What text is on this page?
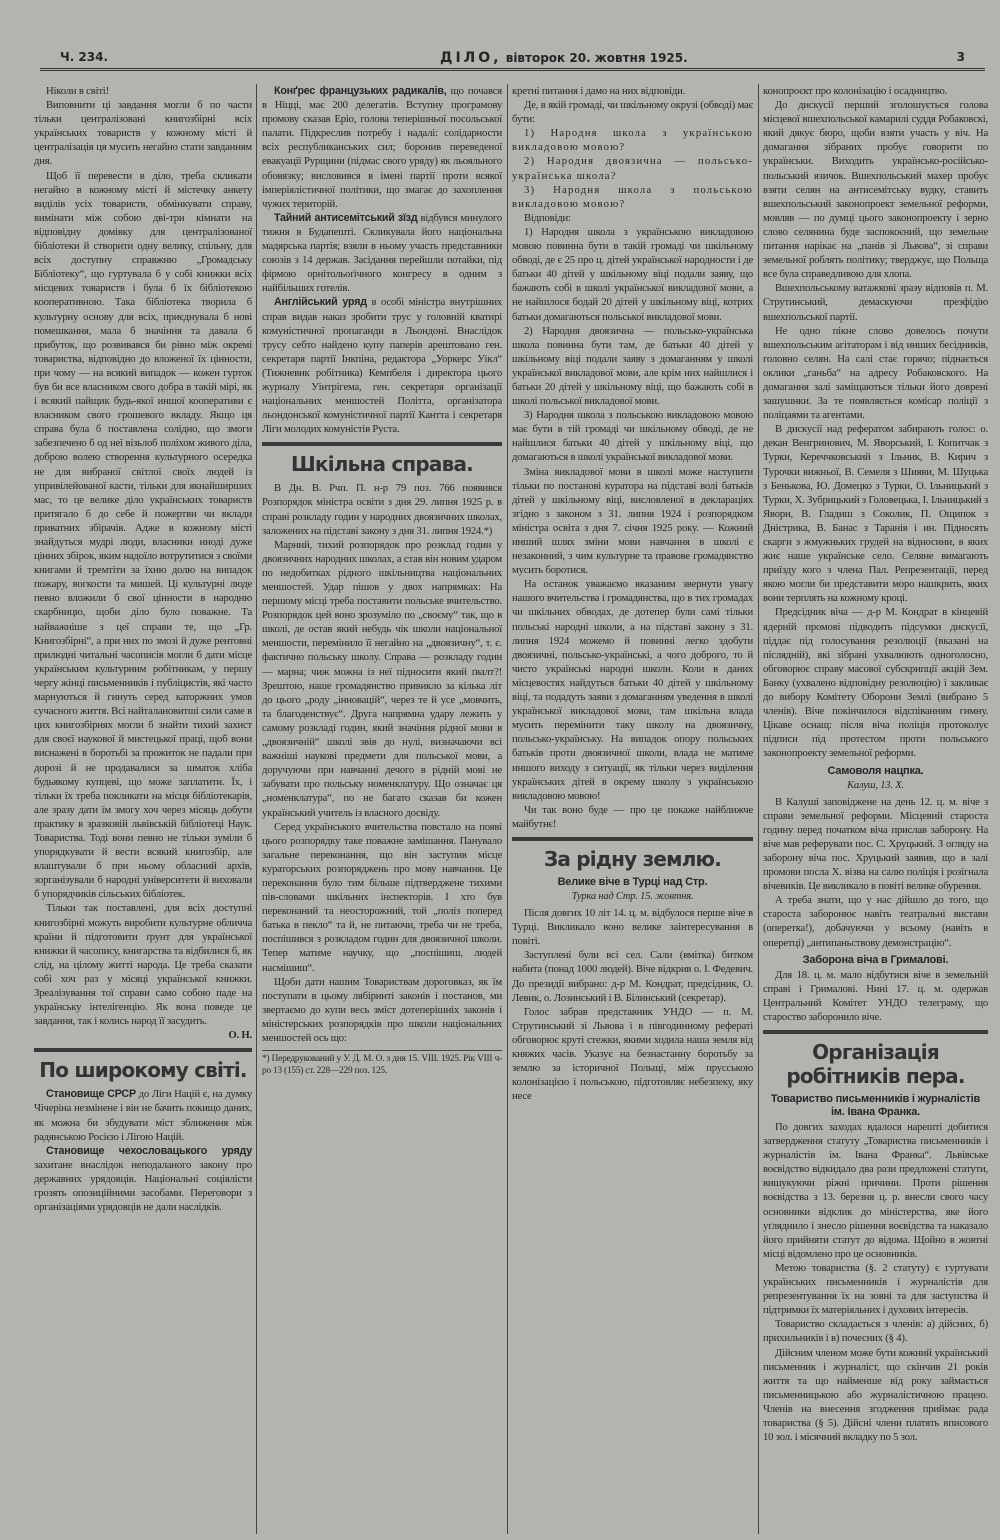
Ч. 234.	ДІЛО, вівторок 20. жовтня 1925.	3

Ніколи в світі!

Виповнити ці завдання могли б по части тільки централізовані книгозбірні всіх українських товариств у кожному місті й централізація ця мусить негайно стати завданням дня.

Щоб її перевести в діло, треба скликати негайно в кожному місті й містечку анкету виділів усіх товариств, обмінкувати справу, вимінати між собою дві-три кімнати на відповідну домівку для централізованої бібліотеки й створити одну велику, спільну, для всіх доступну справжню „Громадську Бібліотеку“, що гуртувала б у собі книжки всіх місцевих товариств і була б їх бібліотекою кооперативною. Така бібліотека творила б культурну основу для всіх, приєднувала б нові помешкання, мала б значіння та давала б прибуток, що розвивався би рівно між окремі товариства, відповідно до вложеної їх цінности, при чому — на всякий випадок — кожен гурток був би все власником свого добра в такій мірі, як і всякий пайщик будь-якої иншої кооперативи є власником свого грошевого вкладу. Якщо ця справа була б поставлена солідно, що змоги забезпечено б од неї візьлоб поліхом живого діла, доброю волею створення культурного осередка не для вибраної світлої своїх людей із упривілейованої касти, тільки для якнайширших мас, то це велике діло українських товариств притягало б до себе й пожертви чи вклади приватних збірачів. Адже в кожному місті знайдуться мудрі люди, власники иноді дуже цінних збірок, яким надоїло вотрутитися з своїми книгами й тремтіти за їхню долю на випадок пожару, вогкости та мишей. Ці культурні люде певно вложили б свої цінности в народню скарбницю, щоби діло було поважне. Та найважніше з цеї справи те, що „Гр. Книгозбірні“, а при них по змозі й дуже рентовні прилюдні читальні часописів могли б дати місце українським культурним робітникам, у першу чергу жінці письменників і публіцистів, які часто марнуються й гинуть серед каторжних умов сучасного життя. Всі найталановитші сили саме в цих книгозбірнях могли б знайти тихий захист для своєї наукової й мистецької праці, щоб вони виснажені в боротьбі за прожиток не падали при дорозі й не продавалися за шматок хліба будьякому купцеві, що може заплатити. Їх, і тільки їх треба покликати на місця бібліотекарів, але зразу дати їм змогу хоч через місяць добути практику в зразковій львівській бібліотеці Наук. Товариства. Тоді вони певно не тільки зуміли б упорядкувати й вести всякий книгозбір, але влаштували б при ньому обласний архів, зорганізували б народні університети й виховали б упорядчиків сільських бібліотек.

Тільки так поставлені, для всіх доступні книгозбірні можуть виробити культурне обличча країни й підготовити ґрунт для української книжки й часопису, книгарства та відбилися б, як слід, на цілому житті народа. Це треба сказати собі хоч раз у місяці української книжки. Зреалізування тої справи само собою паде на українську інтелігенцію. Як вона поведе це завдання, так і колись народ її засудить.

О. Н.
По широкому світі.

Становище СРСР до Ліги Націй є, на думку Чічеріна незмінене і він не бачить покищо даних, як можна би збудувати міст зближення між радянською Росією і Лігою Націй.

Становище чехословацького уряду захитане внаслідок неподаланого закону про державних урядовців. Національні соціялісти грозять опозиційними засобами. Переговори з організаціями урядовців не дали наслідків.

Конґрес французьких радикалів, що почався в Ніцці, має 200 делегатів. Вступну програмову промову сказав Еріо, голова теперішньої посольської палати. Підкреслив потребу і надалі: солідарности всіх республиканських сил; боронив переведеної евакуації Рурщини (підмас свого уряду) як льояльного обовязку; висловився в імені партії проти всякої імперіялістичної політики, що змагає до захоплення чужих територій.

Тайний антисемітський зїзд відбувся минулого тижня в Будапешті. Скликувала його національна мадярська партія; взяли в ньому участь представники союзів з 14 держав. Засідання перейшли потайки, під фірмою орнітольоґічного конгресу в одним з найбільших готелів.

Англійський уряд в особі міністра внутрішних справ видав наказ зробити трус у головній кватирі комуністичної пропаганди в Льондоні. Внаслідок трусу себто найдено купу паперів арештовано ген. секретаря партії Інкпіна, редактора „Уоркерс Уікл“ (Тижневик робітника) Кемпбеля і директора цього журналу Уінтрігема, ген. секретаря організації національних меншостей Політта, організатора льондонської комуністичної партії Кантта і секретаря Ліги молодих комуністів Руста.

Шкільна справа.

В Дн. В. Рчп. П. н-р 79 поз. 766 появився Розпорядок міністра освіти з дня 29. липня 1925 р. в справі розкладу годин у народних двоязичних школах, заложених на підставі закону з дня 31. липня 1924.*)

Марний, тихий розпорядок про розклад годин у двоязичних народних школах, а став він новим ударом по недобитках рідного шкільництва національних меншостей. Удар пішов у двох напрямках: На першому місці треба поставити польське вчительство. Розпорядок цей воно зрозуміло по „своєму“ так, що в школі, де остав який небудь чік школи національної меншости, перемінило її негайно на „двоязичну“, т. є. фактично польську школу. Справа — розкладу годин — марна; чиж можна із неї підносити який ґвалт?! Зрештою, наше громадянство привикло за кілька літ до цього „роду „інновацій“, через те й усе „мовчить, та благоденствує“. Друга напрямна удару лежить у самому розкладі годин, який значіння рідної мови в „двоязичній“ школі звів до нулі, визначаючи всі важніші наукові предмети для польської мови, а доручуючи при навчанні дечого в рідній мові не забувати про польську номенклатуру. Що означає ця „номенклатура“, по не багато сказав би кожен український учитель із власного досвіду.

Серед українського вчительства повстало на появі цього розпорядку таке поважне замішання. Панувало загальне переконання, що він заступив місце кураторських розпоряджень про мову навчання. Це переконання було тим більше підтверджене тихими пів-словами шкільних інспекторів. І хто був переконаний та неосторожний, той „поліз поперед батька в пекло“ та й, не питаючи, треба чи не треба, поспішився з розкладом годин для двоязичної школи. Тепер матиме научку, що „поспішиш, людей насмішиш“.

Щоби дати нашим Товариствам дороговказ, як їм поступати в цьому лябіринті законів і постанов, ми звертаємо до купи весь зміст дотеперішніх законів і міністерських розпорядків про школи національних меншостей ось що:

*) Передрукований у У. Д. М. О. з дня 15. VIII. 1925. Рік VIII ч-ро 13 (155) ст. 228—229 поз. 125.

кретні питання і дамо на них відповіди.

Де, в якій громаді, чи шкільному окрузі (обводі) має бути:

1) Народня школа з українською викладовою мовою?

2) Народня двоязична — польсько-українська школа?

3) Народня школа з польською викладовою мовою?

Відповіди:

1) Народня школа з українською викладовою мовою повинна бути в такій громаді чи шкільному обводі, де є 25 про ц. дітей української народности і де батьки 40 дітей у шкільному віці подали заяву, що бажають собі в школі української викладової мови, а не найшлося бодай 20 дітей у шкільному віці, котрих батьки домагаються польської викладової мови.

2) Народня двоязична — польсько-українська школа повинна бути там, де батьки 40 дітей у шкільному віці подали заяву з домаганням у школі української викладової мови, але крім них найшлися і батьки 20 дітей у шкільному віці, що бажають собі в школі польської викладової мови.

3) Народня школа з польською викладовою мовою має бути в тій громаді чи шкільному обводі, де не найшлися батьки 40 дітей у шкільному віці, що домагаються в школі української викладової мови.

Зміна викладової мови в школі може наступити тільки по постанові куратора на підставі волі батьків дітей у шкільному віці, висловленої в деклараціях згідно з законом з 31. липня 1924 і розпорядком міністра освіта з дня 7. січня 1925 року. — Кожний инший шлях зміни мови навчання в школі є незаконний, з чим культурне та правове громадянство мусить боротися.

На останок уважаємо вказаним звернути увагу нашого вчительства і громадянства, що в тих громадах чи шкільних обводах, де дотепер були самі тільки польські народні школи, а на підставі закону з 31. липня 1924 можемо й повинні легко здобути двоязичні, польсько-українські, а чого доброго, то й чисто українські народні школи. Коли в даних місцевостях найдуться батьки 40 дітей у шкільному віці, та подадуть заяви з домаганням уведення в школі української викладової мови, там шкільна влада мусить перемінити таку школу на двоязичну, польсько-українську. На випадок опору польських батьків проти двоязичної школи, влада не матиме иншого виходу з ситуації, як тільки через виділення українських дітей в окрему школу з українською викладовою мовою!

Чи так воно буде — про це покаже найближче майбутнє!

За рідну землю.
Велике віче в Турці над Стр.
Турка над Стр. 15. жовтня.

Після довгих 10 літ 14. ц. м. відбулося перше віче в Турці. Викликало воно велике заінтересування в повіті.

Заступлені були всі сел. Сали (вмітка) битком набита (понад 1000 людей). Віче відкрив о. І. Федевич. До президії вибрано: д-р М. Кондрат, предсідник, О. Левик, о. Лозинський і В. Білинський (секретар).

Голос забрав представник УНДО — п. М. Струтинський зі Львова і в півгодинному рефераті обговорює круті стежки, якими ходила наша земля від княжих часів. Указує на безнастанну боротьбу за землю за історичної Польщі, між прусською колонізацією і польською, підготовляє небезпеку, яку несе

конопроєкт про колонізацію і осадництво.

До дискусії перший зголошується голова місцевої вшехпольської камарилі суддя Робаковскі, який дякує бюро, щоби взяти участь у віч. На домагання зібраних пробує говорити по українськи. Виходить українсько-російсько-польський язичок. Вшехпольський махер пробує взяти селян на антисемітську вудку, ставить вшехпольський законопроект земельної реформи, мовляв — по думці цього законопроекту і зерно слово селянина буде заспокоєний, що земельне питання нарікає на „панів зі Львова“, зі справи земельної роблять політику; тверджує, що Польща все була справедливою для хлопа.

Вшехпольському ватажкові зразу відповів п. М. Струтинський, демаскуючи презфідію вшехпольської партії.

Не одно пікне слово довелось почути вшехпольським агітаторам і від инших бесідників, головно селян. На салі стає горячо; піднається оклики „ганьба“ на адресу Робаковского. На домагання залі заміщаються тільки його доврені зашушнки. За те появляється комісар поліції з поліцаями та агентами.

В дискусії над рефератом забирають голос: о. декан Венгринович, М. Яворський, І. Копитчак з Турки, Кереччковський з Ільник, В. Кирич з Турочки вижньої, В. Семеля з Шияви, М. Шуцька з Бенькова, Ю. Домецко з Турки, О. Ільницький з Турки, Х. Зубрицький з Головецька, І. Ільницький з Явори, В. Гладиш з Соколик, П. Ощипок з Дністрика, В. Банас з Таранів і ин. Підносять скарги з жмужньких грудей на відносини, в яких жиє наше українське село. Селяне вимагають приїзду кого з члена Пал. Репрезентації, перед якою могли би представити моро нашкрить, яких вони терплять на кожному кроці.

Предсідник віча — д-р М. Кондрат в кінцевій ядерній промові підводить підсумки дискусії, піддає під голосування резолюції (вказані на післядній), які зібрані ухвалюють одноголосно, обговорює справу масової субскрипції акцій Зем. Банку (ухвалено відповідну резолюцію) і закликає до вибору Комітету Оборони Землі (вибрано 5 членів). Віче покінчилося відспіванням гимну. Цікаве оснащ: після віча поліція протоколує підписи під протестом проти польського законопроекту земельної реформи.

Самоволя нацпка.
Калуш, 13. Х.

В Калуші заповіджене на день 12. ц. м. віче з справи земельної реформи. Місцевий староста годину перед початком віча прислав заборону. На віче мав реферувати пос. С. Хруцький. З огляду на заборону віча пос. Хруцький заявив, що в залі промови посла Х. візва на салю поліція і розігнала вічевиків. Це викликало в повіті велике обурення.

А треба знати, що у нас дійшло до того, що староста заборонює навіть театральні вистави (оперетка!), добачуючи у всьому (навіть в оперетці) „антипаньствову демонстрацію“.

Заборона віча в Грималові.

Для 18. ц. м. мало відбутися віче в земельній справі і Грималові. Нині 17. ц. м. одержав Центральний Комітет УНДО телеграму, що староство заборонило віче.

Організація робітників пера.
Товариство письменників і журналістів ім. Івана Франка.

По довгих заходах вдалося нарешті добитися затвердження статуту „Товариства письменників і журналістів ім. Івана Франка“. Львівське воєвідство відкидало два рази предложені статути, вишукуючи ріжні причини. Проти рішення воєвідства з 13. березня ц. р. внесли свого часу основники відклик до міністерства, яке його уґляднило і знесло рішення воєвідства та наказало його прийняти статут до відома. Щойно в жовтні місці відомлено про це основників.

Метою товариства (§. 2 статуту) є гуртувати українських письменників і журналістів для репрезентування їх на зовні та для заступства й підтримки їх матеріяльних і духових інтересів.

Товариство складається з членів: а) дійсних, б) прихильників і в) почесних (§ 4).

Дійсним членом може бути кожний український письменник і журналіст, що скінчив 21 років життя та що найменше від року займається письменницькою або журналістичною працею. Членів на внесення згодження приймає рада товариства (§ 5). Дійсні члени платять вписового 10 зол. і місячний вкладку по 5 зол.
